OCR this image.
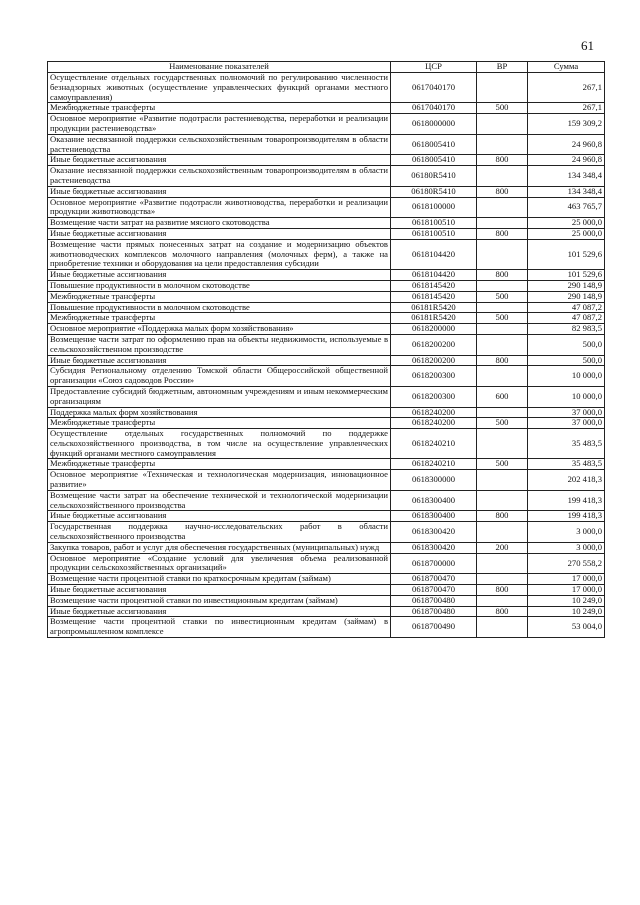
61
Наименование показателей	ЦСР	ВР	Сумма
Осуществление отдельных государственных полномочий по регулированию численности безнадзорных животных (осуществление управленческих функций органами местного самоуправления)	0617040170		267,1
Межбюджетные трансферты	0617040170	500	267,1
Основное мероприятие «Развитие подотрасли растениеводства, переработки и реализации продукции растениеводства»	0618000000		159 309,2
Оказание несвязанной поддержки сельскохозяйственным товаропроизводителям в области растениеводства	0618005410		24 960,8
Иные бюджетные ассигнования	0618005410	800	24 960,8
Оказание несвязанной поддержки сельскохозяйственным товаропроизводителям в области растениеводства	06180R5410		134 348,4
Иные бюджетные ассигнования	06180R5410	800	134 348,4
Основное мероприятие «Развитие подотрасли животноводства, переработки и реализации продукции животноводства»	0618100000		463 765,7
Возмещение части затрат на развитие мясного скотоводства	0618100510		25 000,0
Иные бюджетные ассигнования	0618100510	800	25 000,0
Возмещение части прямых понесенных затрат на создание и модернизацию объектов животноводческих комплексов молочного направления (молочных ферм), а также на приобретение техники и оборудования на цели предоставления субсидии	0618104420		101 529,6
Иные бюджетные ассигнования	0618104420	800	101 529,6
Повышение продуктивности в молочном скотоводстве	0618145420		290 148,9
Межбюджетные трансферты	0618145420	500	290 148,9
Повышение продуктивности в молочном скотоводстве	06181R5420		47 087,2
Межбюджетные трансферты	06181R5420	500	47 087,2
Основное мероприятие «Поддержка малых форм хозяйствования»	0618200000		82 983,5
Возмещение части затрат по оформлению прав на объекты недвижимости, используемые в сельскохозяйственном производстве	0618200200		500,0
Иные бюджетные ассигнования	0618200200	800	500,0
Субсидия Региональному отделению Томской области Общероссийской общественной организации «Союз садоводов России»	0618200300		10 000,0
Предоставление субсидий бюджетным, автономным учреждениям и иным некоммерческим организациям	0618200300	600	10 000,0
Поддержка малых форм хозяйствования	0618240200		37 000,0
Межбюджетные трансферты	0618240200	500	37 000,0
Осуществление отдельных государственных полномочий по поддержке сельскохозяйственного производства, в том числе на осуществление управленческих функций органами местного самоуправления	0618240210		35 483,5
Межбюджетные трансферты	0618240210	500	35 483,5
Основное мероприятие «Техническая и технологическая модернизация, инновационное развитие»	0618300000		202 418,3
Возмещение части затрат на обеспечение технической и технологической модернизации сельскохозяйственного производства	0618300400		199 418,3
Иные бюджетные ассигнования	0618300400	800	199 418,3
Государственная поддержка научно-исследовательских работ в области сельскохозяйственного производства	0618300420		3 000,0
Закупка товаров, работ и услуг для обеспечения государственных (муниципальных) нужд	0618300420	200	3 000,0
Основное мероприятие «Создание условий для увеличения объема реализованной продукции сельскохозяйственных организаций»	0618700000		270 558,2
Возмещение части процентной ставки по краткосрочным кредитам (займам)	0618700470		17 000,0
Иные бюджетные ассигнования	0618700470	800	17 000,0
Возмещение части процентной ставки по инвестиционным кредитам (займам)	0618700480		10 249,0
Иные бюджетные ассигнования	0618700480	800	10 249,0
Возмещение части процентной ставки по инвестиционным кредитам (займам) в агропромышленном комплексе	0618700490		53 004,0
